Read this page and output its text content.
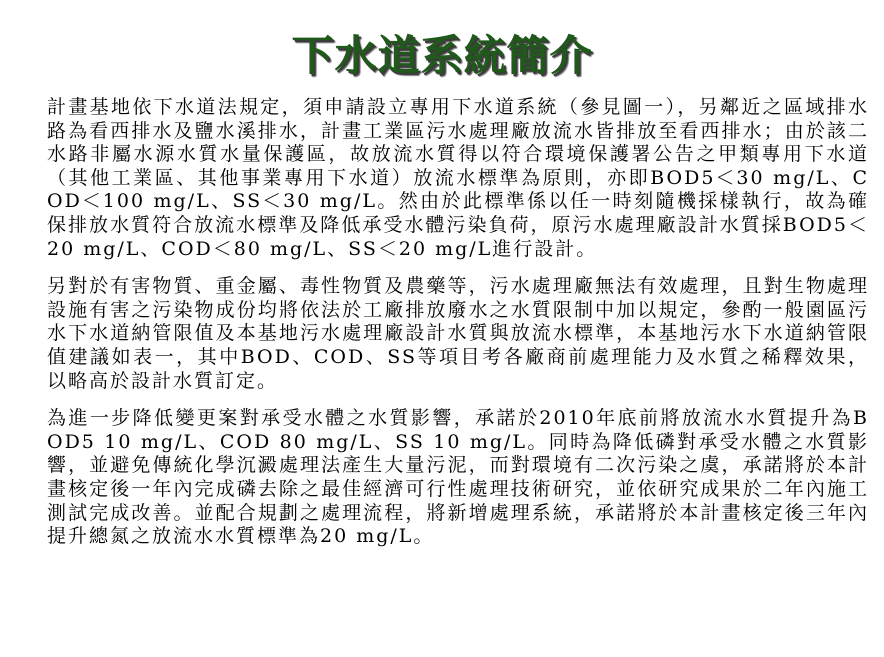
下水道系統簡介

計畫基地依下水道法規定，須申請設立專用下水道系統（參見圖一），另鄰近之區域排水路為看西排水及鹽水溪排水，計畫工業區污水處理廠放流水皆排放至看西排水；由於該二水路非屬水源水質水量保護區，故放流水質得以符合環境保護署公告之甲類專用下水道（其他工業區、其他事業專用下水道）放流水標準為原則，亦即BOD5＜30 mg/L、COD＜100 mg/L、SS＜30 mg/L。然由於此標準係以任一時刻隨機採樣執行，故為確保排放水質符合放流水標準及降低承受水體污染負荷，原污水處理廠設計水質採BOD5＜20 mg/L、COD＜80 mg/L、SS＜20 mg/L進行設計。

另對於有害物質、重金屬、毒性物質及農藥等，污水處理廠無法有效處理，且對生物處理設施有害之污染物成份均將依法於工廠排放廢水之水質限制中加以規定，參酌一般園區污水下水道納管限值及本基地污水處理廠設計水質與放流水標準，本基地污水下水道納管限值建議如表一，其中BOD、COD、SS等項目考各廠商前處理能力及水質之稀釋效果，以略高於設計水質訂定。

為進一步降低變更案對承受水體之水質影響，承諾於2010年底前將放流水水質提升為BOD5 10 mg/L、COD 80 mg/L、SS 10 mg/L。同時為降低磷對承受水體之水質影響，並避免傳統化學沉澱處理法產生大量污泥，而對環境有二次污染之虞，承諾將於本計畫核定後一年內完成磷去除之最佳經濟可行性處理技術研究，並依研究成果於二年內施工測試完成改善。並配合規劃之處理流程，將新增處理系統，承諾將於本計畫核定後三年內提升總氮之放流水水質標準為20 mg/L。
